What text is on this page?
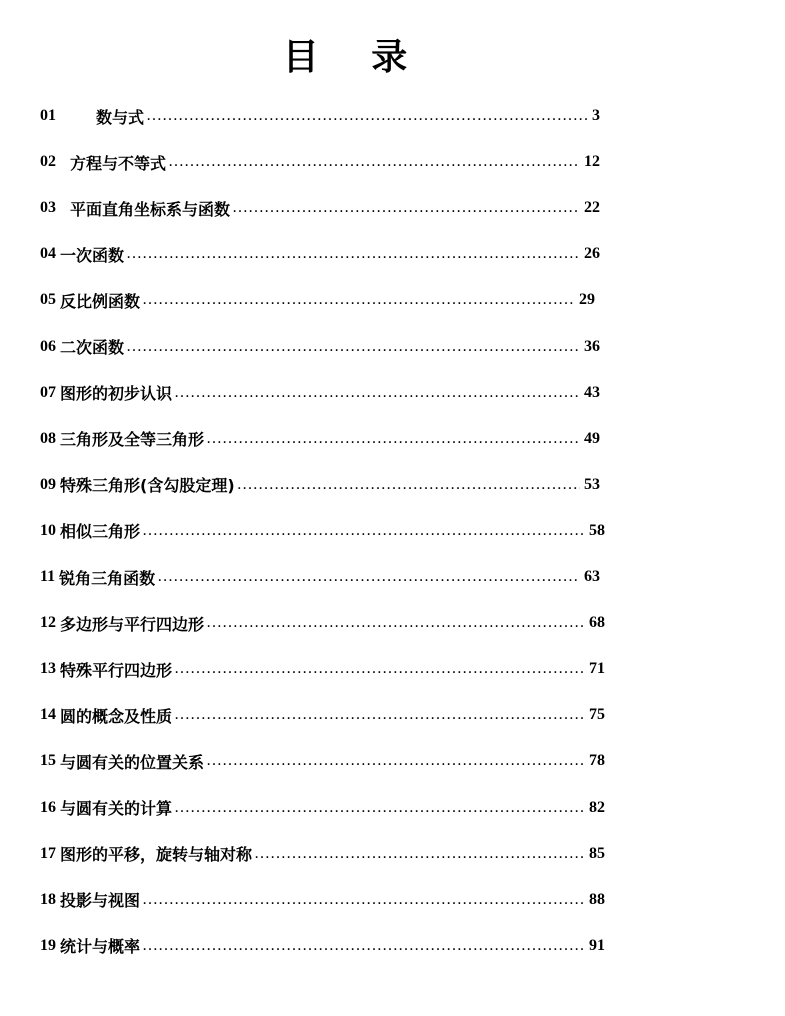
目 录
01	数与式 …………………………………………………………………………………………………………………………………………………………………………	3
02 方程与不等式 …………………………………………………………………………………………………………………………………………………………………………	12
03 平面直角坐标系与函数 …………………………………………………………………………………………………………………………………………………………………………	22
04 一次函数 …………………………………………………………………………………………………………………………………………………………………………	26
05 反比例函数 …………………………………………………………………………………………………………………………………………………………………………	29
06 二次函数 …………………………………………………………………………………………………………………………………………………………………………	36
07 图形的初步认识 …………………………………………………………………………………………………………………………………………………………………………	43
08 三角形及全等三角形 …………………………………………………………………………………………………………………………………………………………………………	49
09 特殊三角形(含勾股定理) …………………………………………………………………………………………………………………………………………………………………………	53
10 相似三角形 …………………………………………………………………………………………………………………………………………………………………………	58
11 锐角三角函数 …………………………………………………………………………………………………………………………………………………………………………	63
12 多边形与平行四边形 …………………………………………………………………………………………………………………………………………………………………………	68
13 特殊平行四边形 …………………………………………………………………………………………………………………………………………………………………………	71
14 圆的概念及性质 …………………………………………………………………………………………………………………………………………………………………………	75
15 与圆有关的位置关系 …………………………………………………………………………………………………………………………………………………………………………	78
16 与圆有关的计算 …………………………………………………………………………………………………………………………………………………………………………	82
17 图形的平移，旋转与轴对称 …………………………………………………………………………………………………………………………………………………………………………	85
18 投影与视图 …………………………………………………………………………………………………………………………………………………………………………	88
19 统计与概率 …………………………………………………………………………………………………………………………………………………………………………	91
